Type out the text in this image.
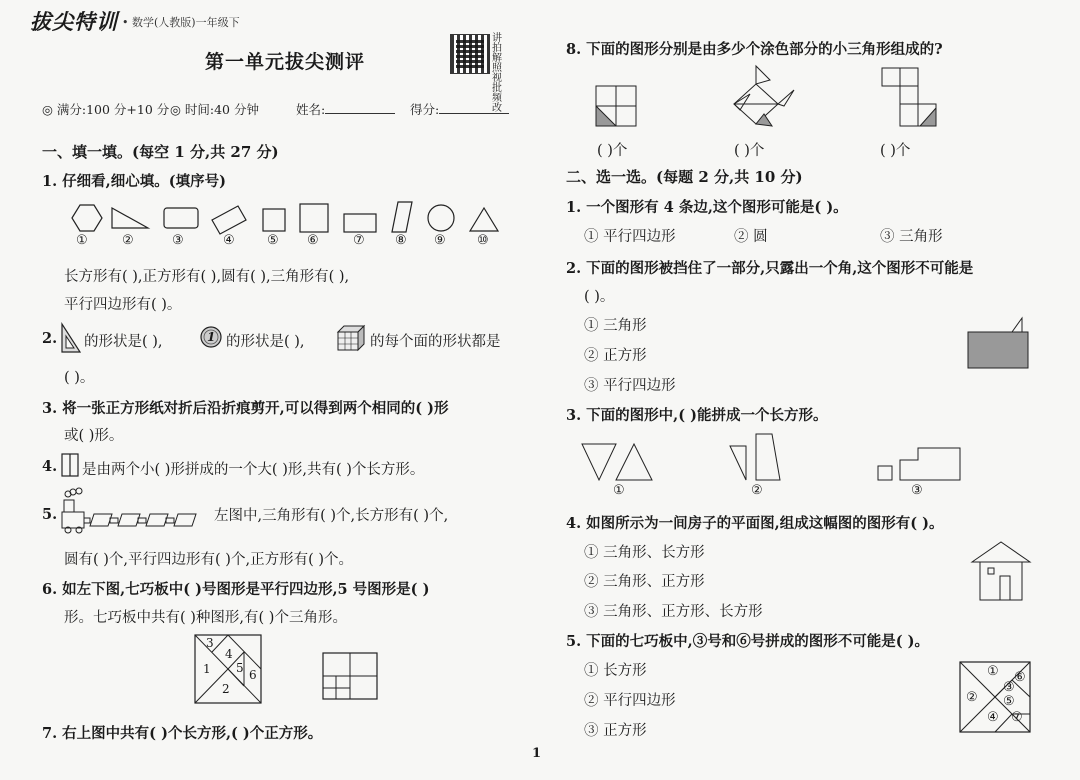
拔尖特训 • 数学(人教版)一年级下
第一单元拔尖测评
讲拍解照视批频改
◎ 满分:100 分+10 分 ◎ 时间:40 分钟	姓名:	得分:
一、填一填。(每空 1 分,共 27 分)
1. 仔细看,细心填。(填序号)
①	②	③	④ ⑤ ⑥	⑦ ⑧ ⑨ ⑩
长方形有( ),正方形有( ),圆有( ),三角形有( ),
平行四边形有( )。
2. 的形状是( ),	1 的形状是( ),	的每个面的形状都是
( )。
3. 将一张正方形纸对折后沿折痕剪开,可以得到两个相同的( )形
或( )形。
4. 是由两个小( )形拼成的一个大( )形,共有( )个长方形。
5.	左图中,三角形有( )个,长方形有( )个,
圆有( )个,平行四边形有( )个,正方形有( )个。
6. 如左下图,七巧板中( )号图形是平行四边形,5 号图形是( )
形。七巧板中共有( )种图形,有( )个三角形。
3
4
5
1	6
2
7. 右上图中共有( )个长方形,( )个正方形。
8. 下面的图形分别是由多少个涂色部分的小三角形组成的?
( )个	( )个	( )个
二、选一选。(每题 2 分,共 10 分)
1. 一个图形有 4 条边,这个图形可能是( )。
① 平行四边形	② 圆	③ 三角形
2. 下面的图形被挡住了一部分,只露出一个角,这个图形不可能是
( )。
① 三角形
② 正方形
③ 平行四边形
3. 下面的图形中,( )能拼成一个长方形。
①	②	③
4. 如图所示为一间房子的平面图,组成这幅图的图形有( )。
① 三角形、长方形
② 三角形、正方形
③ 三角形、正方形、长方形
5. 下面的七巧板中,③号和⑥号拼成的图形不可能是( )。
① 长方形
② 平行四边形
③ 正方形
①
②
③
④
⑤
⑥
⑦
1
